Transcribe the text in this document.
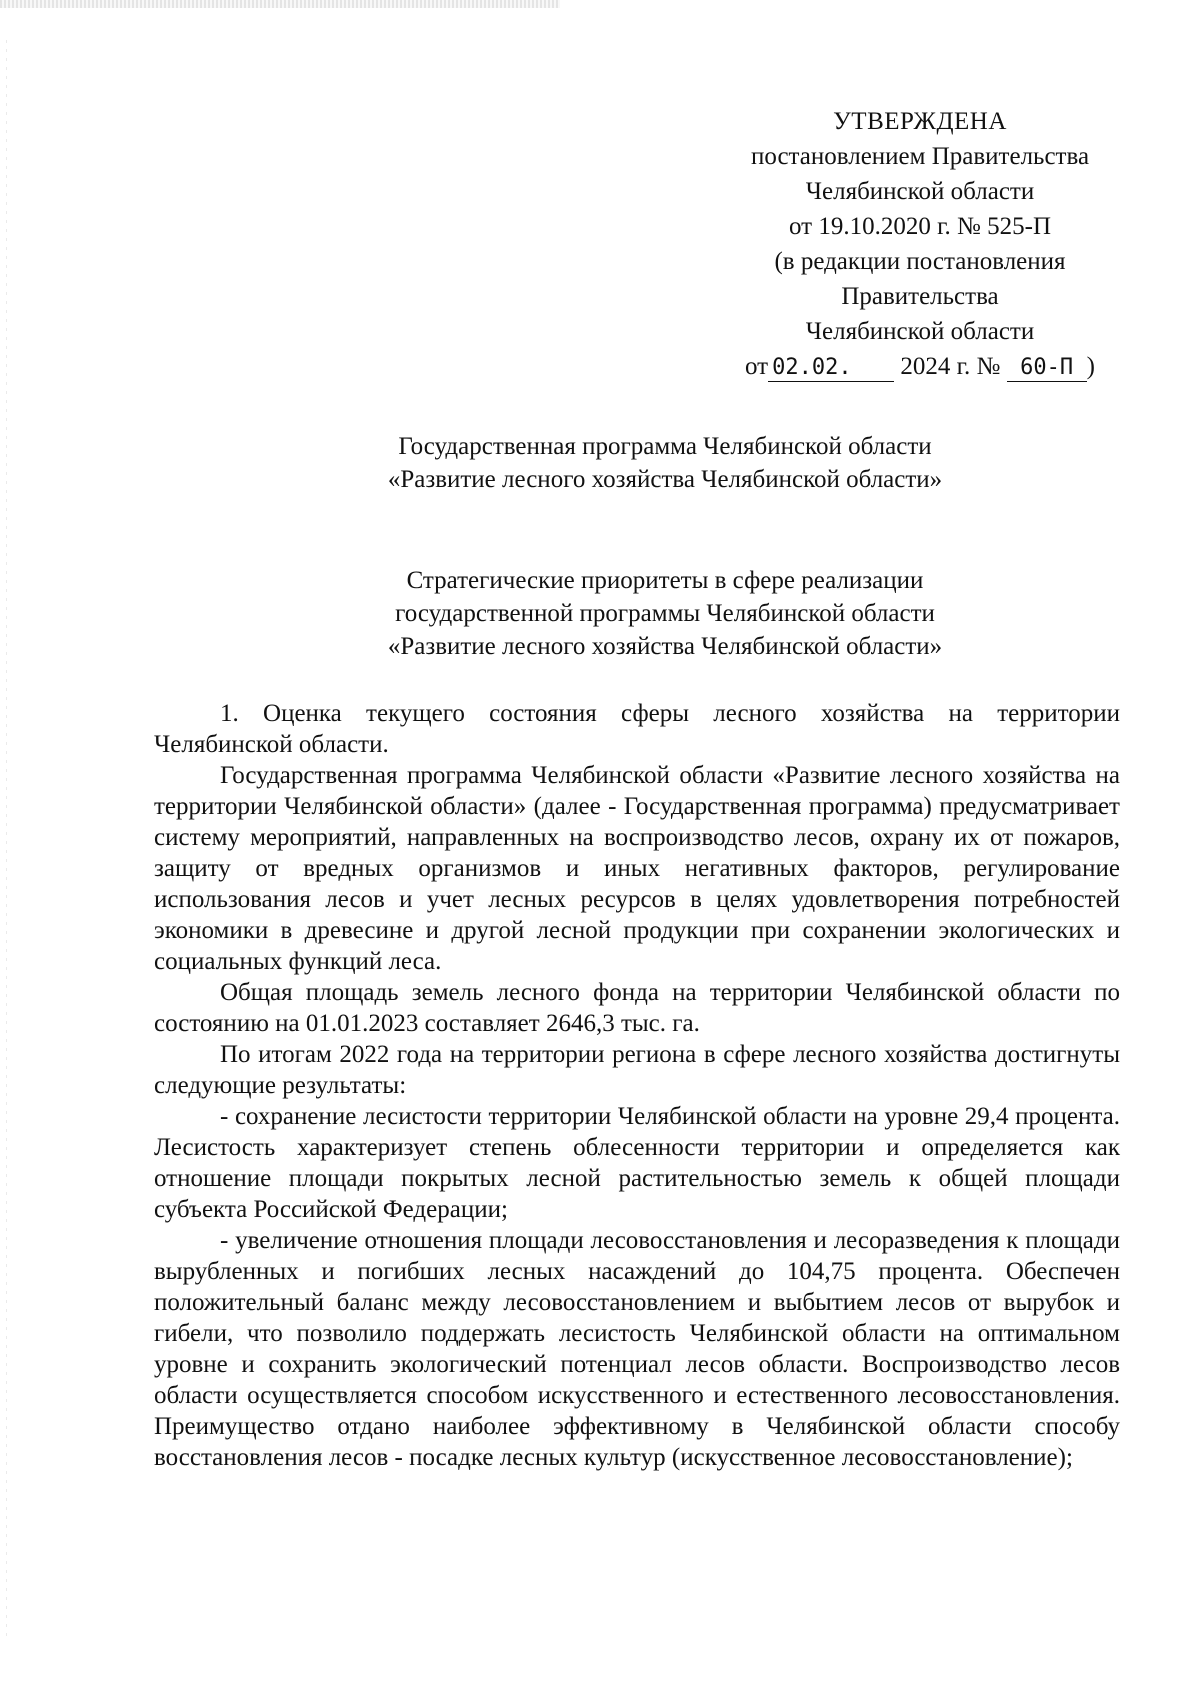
УТВЕРЖДЕНА
постановлением Правительства
Челябинской области
от 19.10.2020 г. № 525-П
(в редакции постановления
Правительства
Челябинской области
от 02.02. 2024 г. № 60-П )
Государственная программа Челябинской области
«Развитие лесного хозяйства Челябинской области»
Стратегические приоритеты в сфере реализации
государственной программы Челябинской области
«Развитие лесного хозяйства Челябинской области»

1. Оценка текущего состояния сферы лесного хозяйства на территории Челябинской области.

Государственная программа Челябинской области «Развитие лесного хозяйства на территории Челябинской области» (далее - Государственная программа) предусматривает систему мероприятий, направленных на воспроизводство лесов, охрану их от пожаров, защиту от вредных организмов и иных негативных факторов, регулирование использования лесов и учет лесных ресурсов в целях удовлетворения потребностей экономики в древесине и другой лесной продукции при сохранении экологических и социальных функций леса.

Общая площадь земель лесного фонда на территории Челябинской области по состоянию на 01.01.2023 составляет 2646,3 тыс. га.

По итогам 2022 года на территории региона в сфере лесного хозяйства достигнуты следующие результаты:

- сохранение лесистости территории Челябинской области на уровне 29,4 процента. Лесистость характеризует степень облесенности территории и определяется как отношение площади покрытых лесной растительностью земель к общей площади субъекта Российской Федерации;

- увеличение отношения площади лесовосстановления и лесоразведения к площади вырубленных и погибших лесных насаждений до 104,75 процента. Обеспечен положительный баланс между лесовосстановлением и выбытием лесов от вырубок и гибели, что позволило поддержать лесистость Челябинской области на оптимальном уровне и сохранить экологический потенциал лесов области. Воспроизводство лесов области осуществляется способом искусственного и естественного лесовосстановления. Преимущество отдано наиболее эффективному в Челябинской области способу восстановления лесов - посадке лесных культур (искусственное лесовосстановление);
